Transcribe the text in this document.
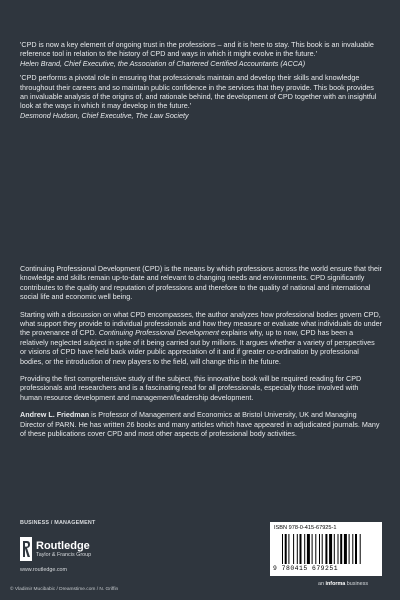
'CPD is now a key element of ongoing trust in the professions – and it is here to stay. This book is an invaluable reference tool in relation to the history of CPD and ways in which it might evolve in the future.'
Helen Brand, Chief Executive, the Association of Chartered Certified Accountants (ACCA)
'CPD performs a pivotal role in ensuring that professionals maintain and develop their skills and knowledge throughout their careers and so maintain public confidence in the services that they provide. This book provides an invaluable analysis of the origins of, and rationale behind, the development of CPD together with an insightful look at the ways in which it may develop in the future.'
Desmond Hudson, Chief Executive, The Law Society

Continuing Professional Development (CPD) is the means by which professions across the world ensure that their knowledge and skills remain up-to-date and relevant to changing needs and environments. CPD significantly contributes to the quality and reputation of professions and therefore to the quality of national and international social life and economic well being.

Starting with a discussion on what CPD encompasses, the author analyzes how professional bodies govern CPD, what support they provide to individual professionals and how they measure or evaluate what individuals do under the provenance of CPD. Continuing Professional Development explains why, up to now, CPD has been a relatively neglected subject in spite of it being carried out by millions. It argues whether a variety of perspectives or visions of CPD have held back wider public appreciation of it and if greater co-ordination by professional bodies, or the introduction of new players to the field, will change this in the future.

Providing the first comprehensive study of the subject, this innovative book will be required reading for CPD professionals and researchers and is a fascinating read for all professionals, especially those involved with human resource development and management/leadership development.

Andrew L. Friedman is Professor of Management and Economics at Bristol University, UK and Managing Director of PARN. He has written 26 books and many articles which have appeared in adjudicated journals. Many of these publications cover CPD and most other aspects of professional body activities.

BUSINESS / MANAGEMENT
Routledge
Taylor & Francis Group
www.routledge.com
© Vladimir Mucibabic / Dreamstime.com / N. Griffin
ISBN 978-0-415-67925-1
9 780415 679251
an informa business
